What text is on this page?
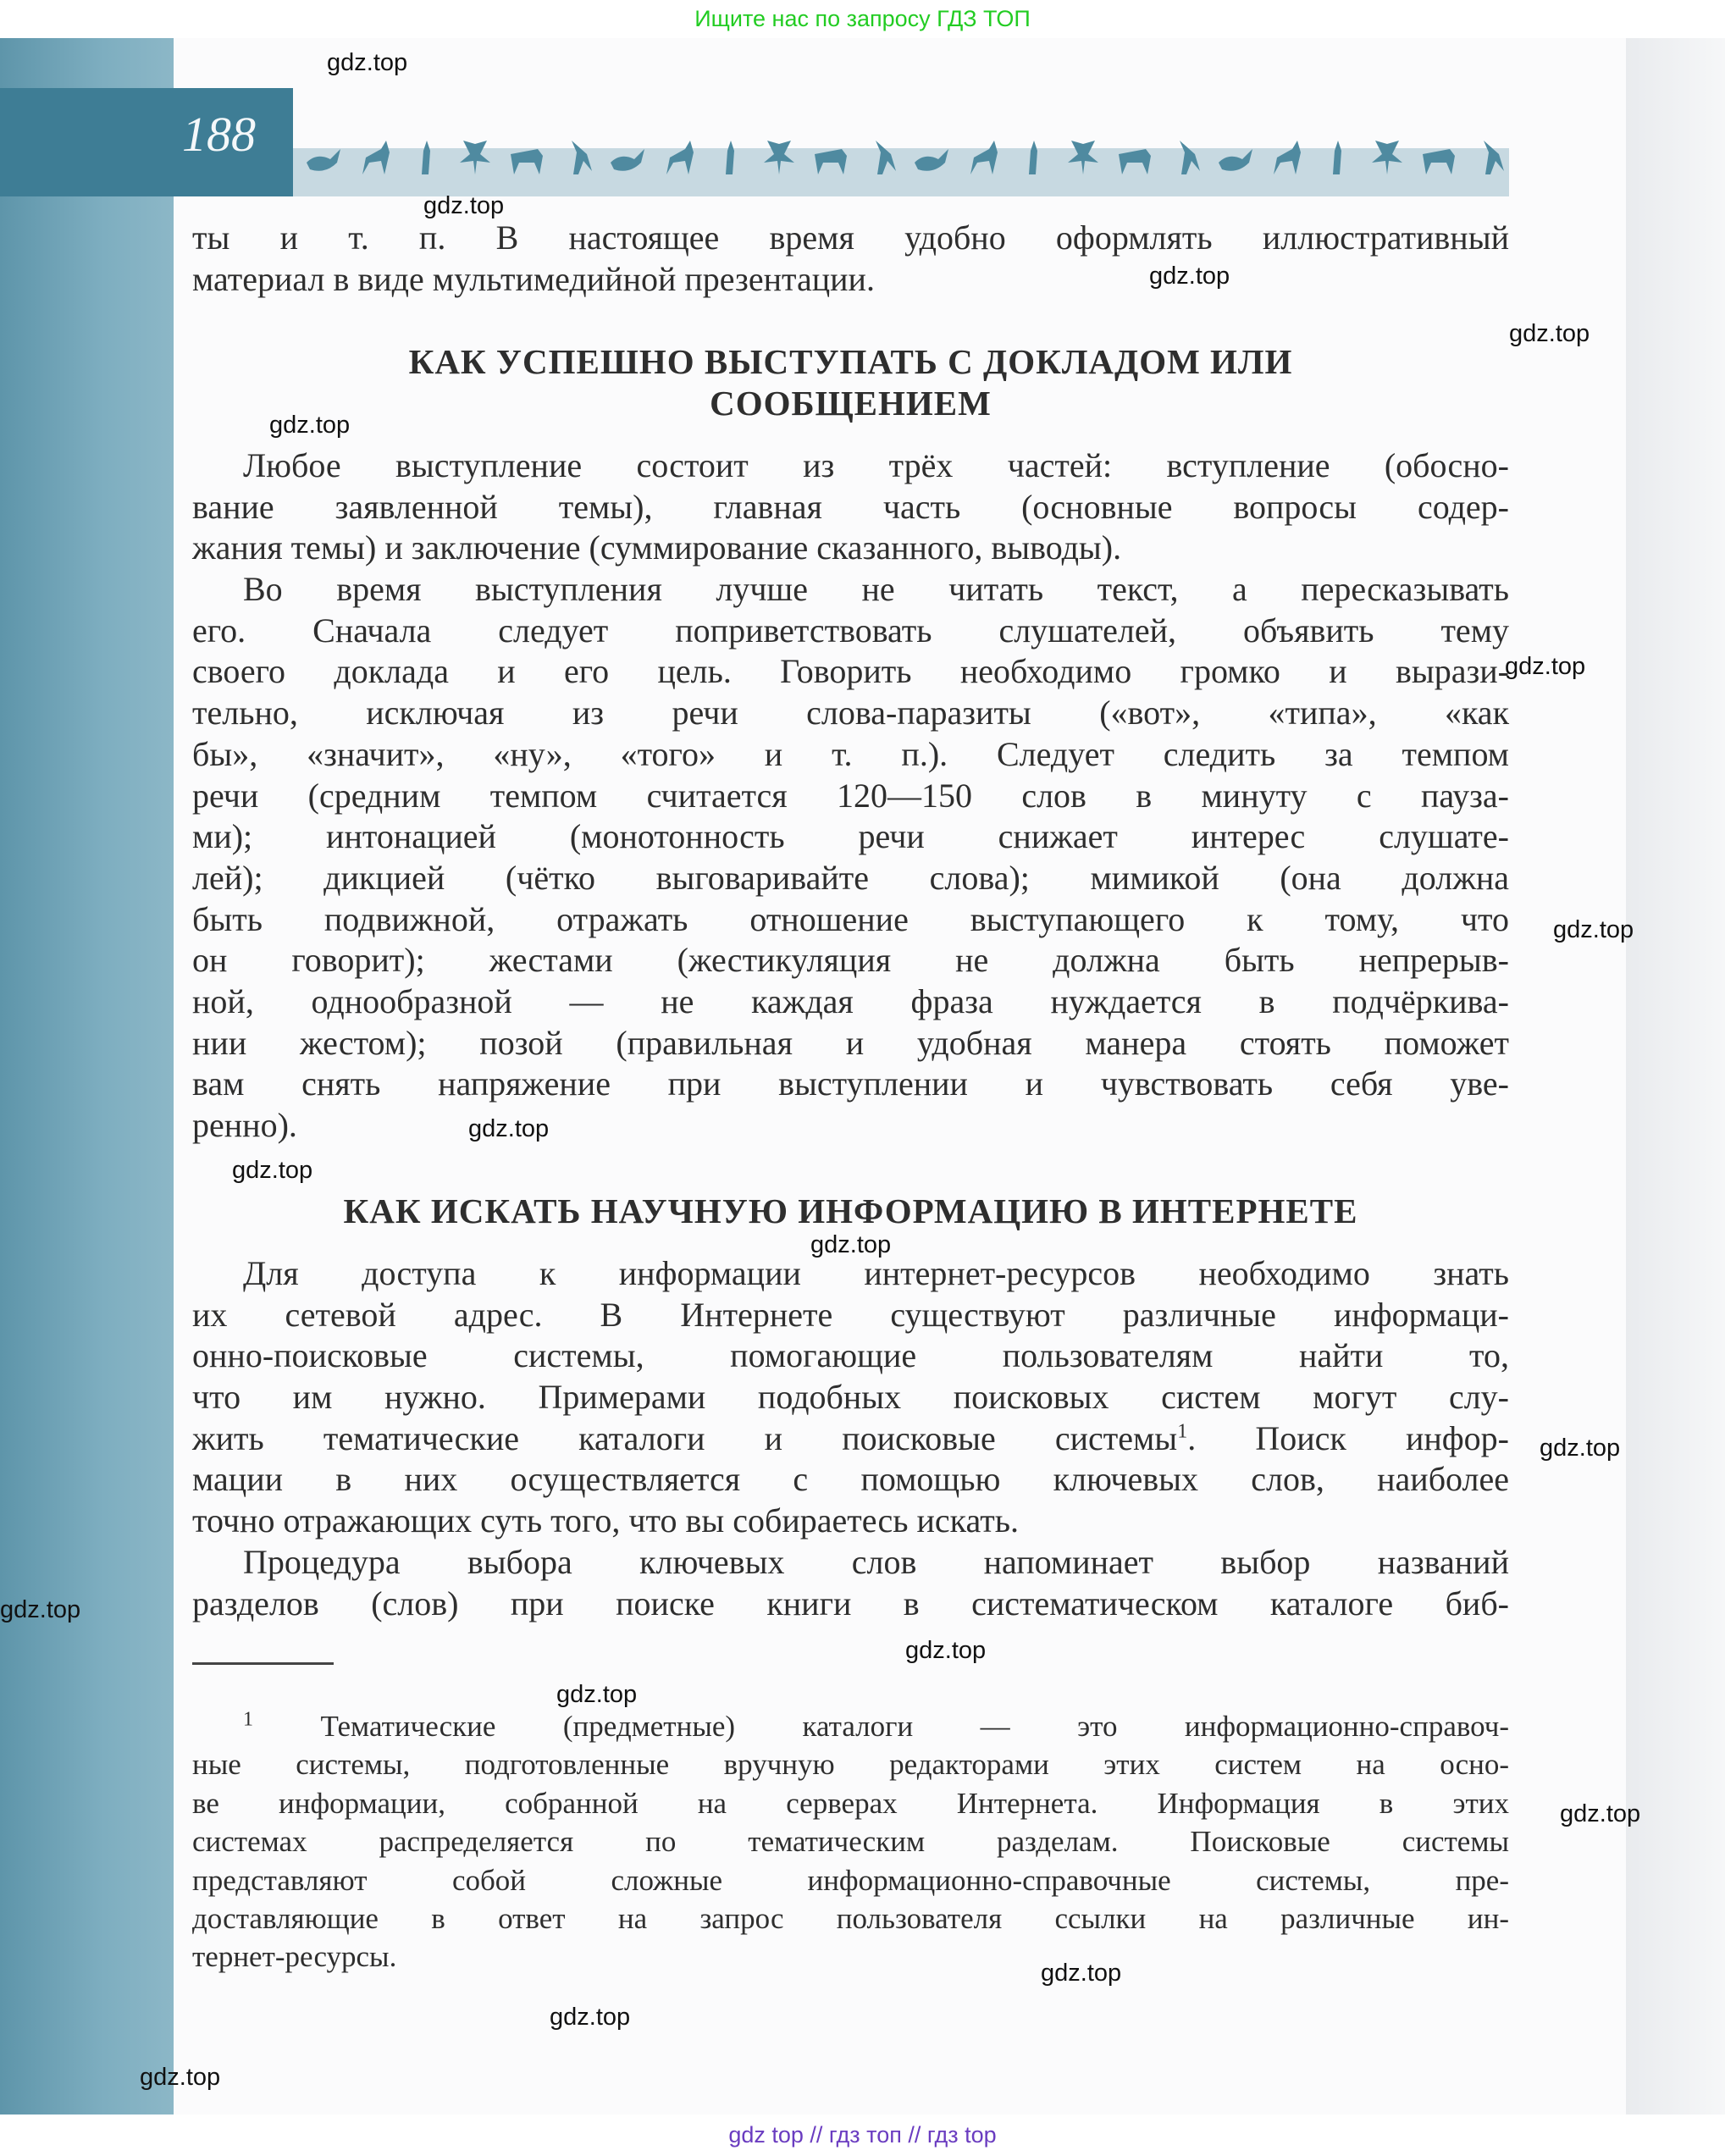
Ищите нас по запросу ГДЗ ТОП
188
ты и т. п. В настоящее время удобно оформлять иллюстративный
материал в виде мультимедийной презентации.
КАК УСПЕШНО ВЫСТУПАТЬ С ДОКЛАДОМ ИЛИ
СООБЩЕНИЕМ
Любое выступление состоит из трёх частей: вступление (обосно-
вание заявленной темы), главная часть (основные вопросы содер-
жания темы) и заключение (суммирование сказанного, выводы).
Во время выступления лучше не читать текст, а пересказывать
его. Сначала следует поприветствовать слушателей, объявить тему
своего доклада и его цель. Говорить необходимо громко и вырази-
тельно, исключая из речи слова-паразиты («вот», «типа», «как
бы», «значит», «ну», «того» и т. п.). Следует следить за темпом
речи (средним темпом считается 120—150 слов в минуту с пауза-
ми); интонацией (монотонность речи снижает интерес слушате-
лей); дикцией (чётко выговаривайте слова); мимикой (она должна
быть подвижной, отражать отношение выступающего к тому, что
он говорит); жестами (жестикуляция не должна быть непрерыв-
ной, однообразной — не каждая фраза нуждается в подчёркива-
нии жестом); позой (правильная и удобная манера стоять поможет
вам снять напряжение при выступлении и чувствовать себя уве-
ренно).
КАК ИСКАТЬ НАУЧНУЮ ИНФОРМАЦИЮ В ИНТЕРНЕТЕ
Для доступа к информации интернет-ресурсов необходимо знать
их сетевой адрес. В Интернете существуют различные информаци-
онно-поисковые системы, помогающие пользователям найти то,
что им нужно. Примерами подобных поисковых систем могут слу-
жить тематические каталоги и поисковые системы$^1$. Поиск инфор-
мации в них осуществляется с помощью ключевых слов, наиболее
точно отражающих суть того, что вы собираетесь искать.
Процедура выбора ключевых слов напоминает выбор названий
разделов (слов) при поиске книги в систематическом каталоге биб-
$^1$ Тематические (предметные) каталоги — это информационно-справоч-
ные системы, подготовленные вручную редакторами этих систем на осно-
ве информации, собранной на серверах Интернета. Информация в этих
системах распределяется по тематическим разделам. Поисковые системы
представляют собой сложные информационно-справочные системы, пре-
доставляющие в ответ на запрос пользователя ссылки на различные ин-
тернет-ресурсы.
gdz.top
gdz.top
gdz.top
gdz.top
gdz.top
gdz.top
gdz.top
gdz.top
gdz.top
gdz.top
gdz.top
gdz.top
gdz.top
gdz.top
gdz.top
gdz.top
gdz.top
gdz.top
gdz top // гдз топ // гдз top
